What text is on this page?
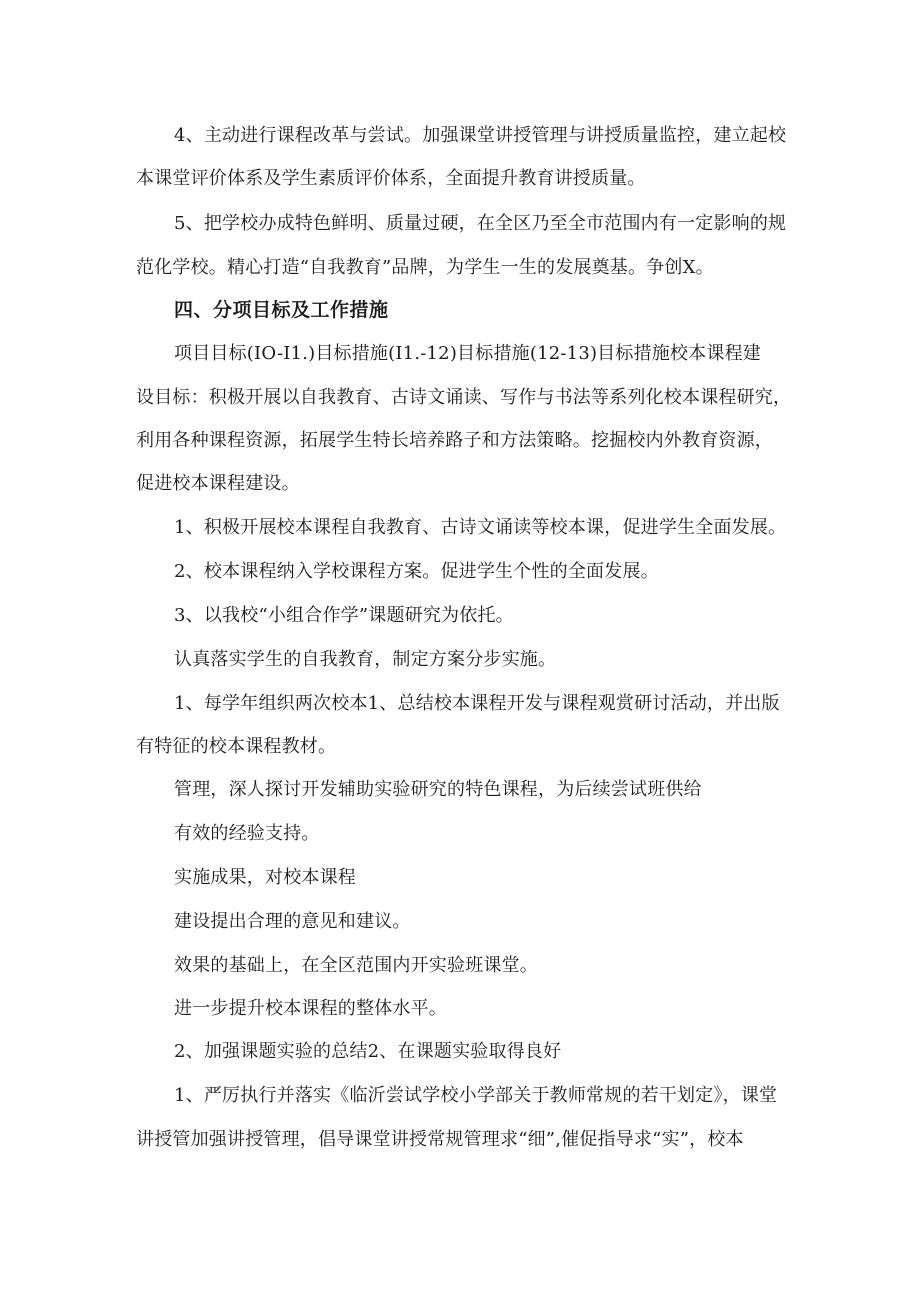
4、主动进行课程改革与尝试。加强课堂讲授管理与讲授质量监控，建立起校
本课堂评价体系及学生素质评价体系，全面提升教育讲授质量。
5、把学校办成特色鲜明、质量过硬，在全区乃至全市范围内有一定影响的规
范化学校。精心打造“自我教育”品牌，为学生一生的发展奠基。争创X。
四、分项目标及工作措施
项目目标(IO-I1.)目标措施(I1.-12)目标措施(12-13)目标措施校本课程建
设目标：积极开展以自我教育、古诗文诵读、写作与书法等系列化校本课程研究，
利用各种课程资源，拓展学生特长培养路子和方法策略。挖掘校内外教育资源，
促进校本课程建设。
1、积极开展校本课程自我教育、古诗文诵读等校本课，促进学生全面发展。
2、校本课程纳入学校课程方案。促进学生个性的全面发展。
3、以我校“小组合作学”课题研究为依托。
认真落实学生的自我教育，制定方案分步实施。
1、每学年组织两次校本1、总结校本课程开发与课程观赏研讨活动，并出版
有特征的校本课程教材。
管理，深人探讨开发辅助实验研究的特色课程，为后续尝试班供给
有效的经验支持。
实施成果，对校本课程
建设提出合理的意见和建议。
效果的基础上，在全区范围内开实验班课堂。
进一步提升校本课程的整体水平。
2、加强课题实验的总结2、在课题实验取得良好
1、严厉执行并落实《临沂尝试学校小学部关于教师常规的若干划定》，课堂
讲授管加强讲授管理，倡导课堂讲授常规管理求“细”,催促指导求“实”，校本
